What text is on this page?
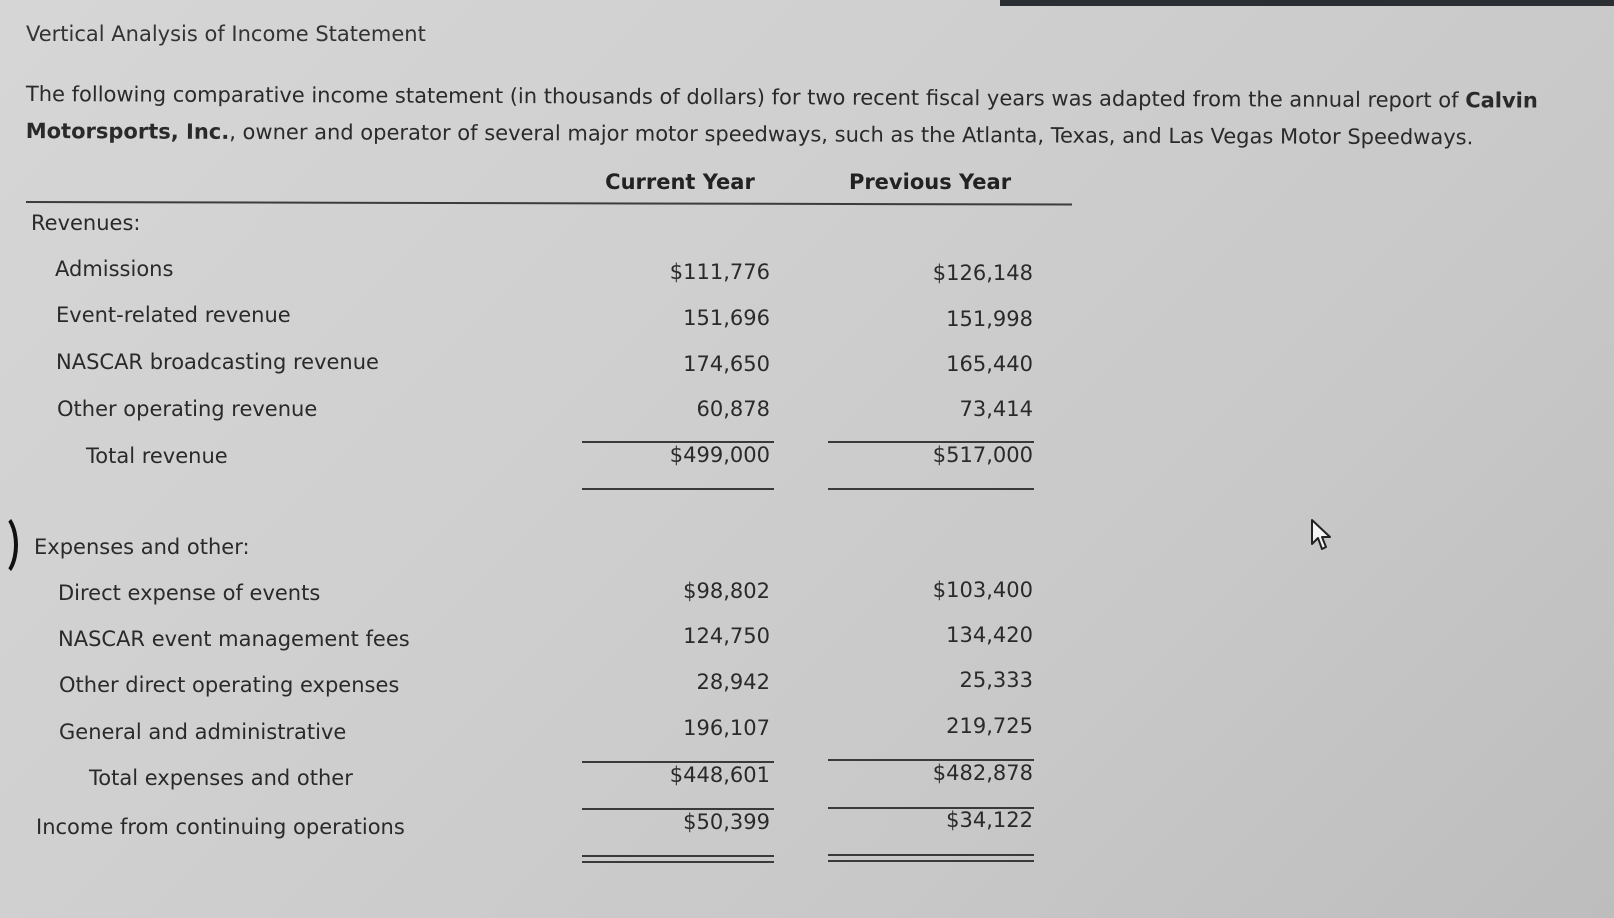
Vertical Analysis of Income Statement
The following comparative income statement (in thousands of dollars) for two recent fiscal years was adapted from the annual report of Calvin Motorsports, Inc., owner and operator of several major motor speedways, such as the Atlanta, Texas, and Las Vegas Motor Speedways.
Current Year	Previous Year
Revenues:
Admissions	$111,776	$126,148
Event-related revenue	151,696	151,998
NASCAR broadcasting revenue	174,650	165,440
Other operating revenue	60,878	73,414
Total revenue	$499,000	$517,000
Expenses and other:
Direct expense of events	$98,802	$103,400
NASCAR event management fees	124,750	134,420
Other direct operating expenses	28,942	25,333
General and administrative	196,107	219,725
Total expenses and other	$448,601	$482,878
Income from continuing operations	$50,399	$34,122
